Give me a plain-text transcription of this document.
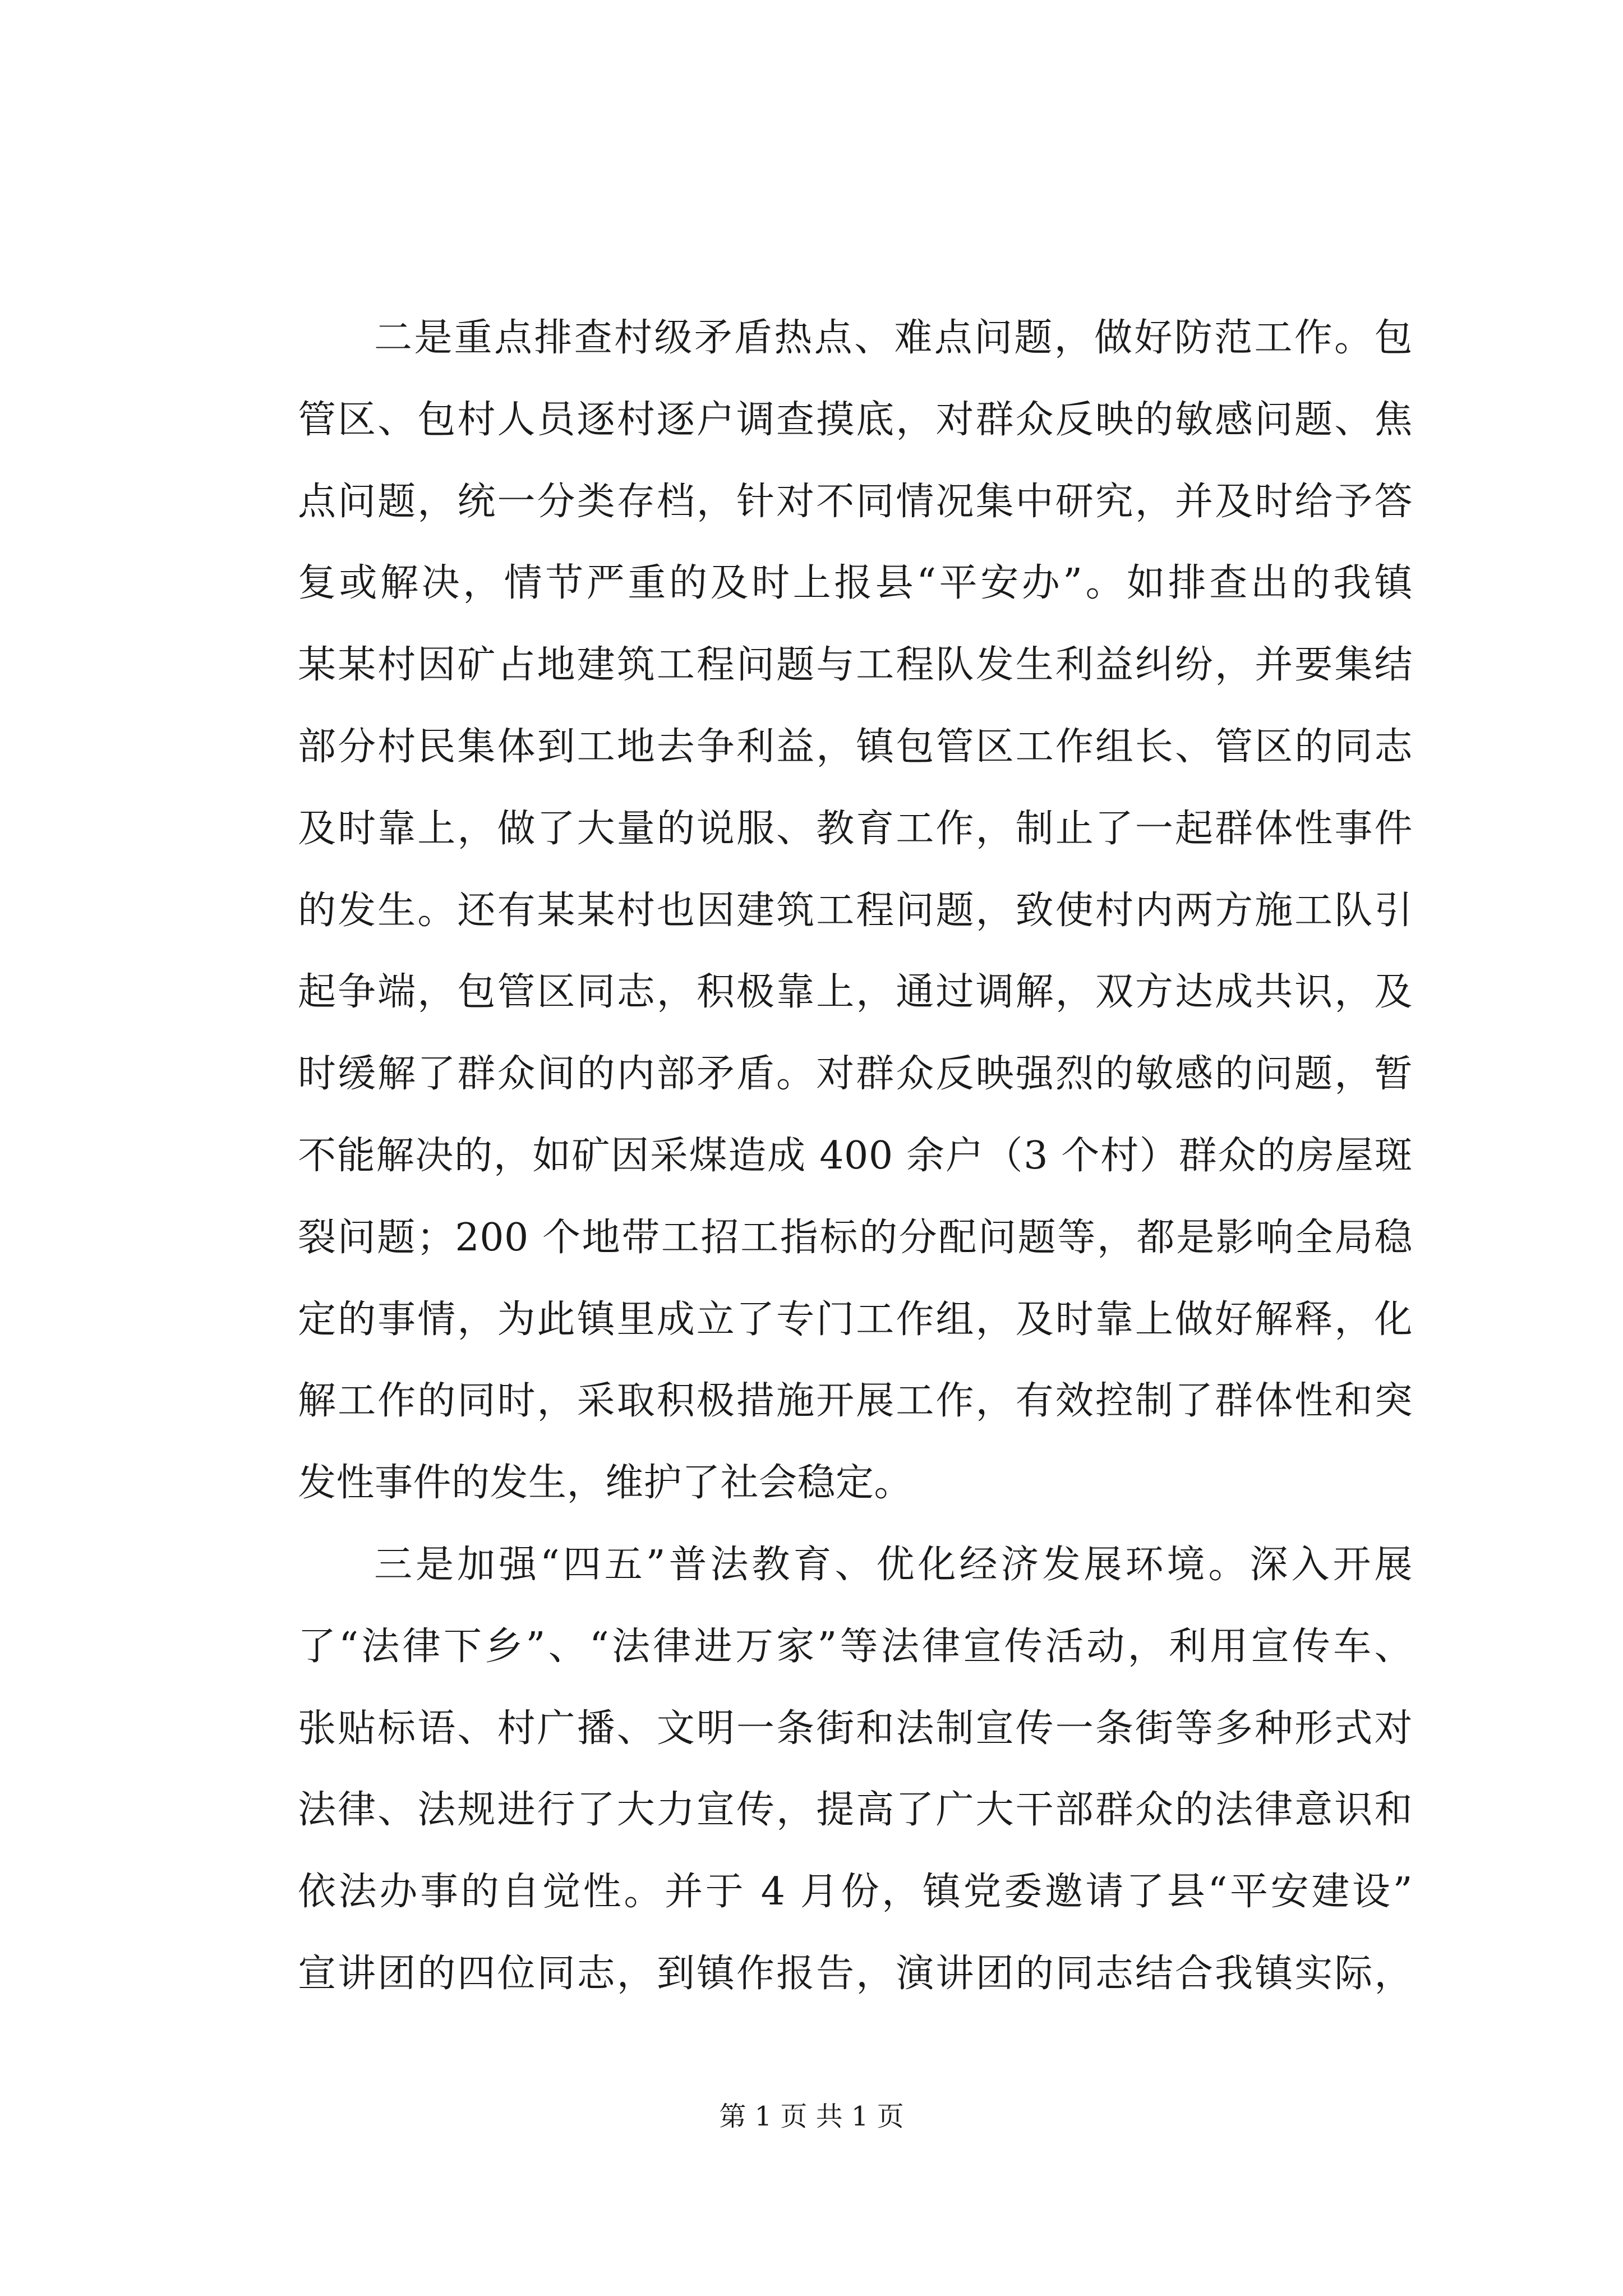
二是重点排查村级矛盾热点、难点问题，做好防范工作。包
管区、包村人员逐村逐户调查摸底，对群众反映的敏感问题、焦
点问题，统一分类存档，针对不同情况集中研究，并及时给予答
复或解决，情节严重的及时上报县“平安办”。如排查出的我镇
某某村因矿占地建筑工程问题与工程队发生利益纠纷，并要集结
部分村民集体到工地去争利益，镇包管区工作组长、管区的同志
及时靠上，做了大量的说服、教育工作，制止了一起群体性事件
的发生。还有某某村也因建筑工程问题，致使村内两方施工队引
起争端，包管区同志，积极靠上，通过调解，双方达成共识，及
时缓解了群众间的内部矛盾。对群众反映强烈的敏感的问题，暂
不能解决的，如矿因采煤造成 400 余户（3 个村）群众的房屋斑
裂问题；200 个地带工招工指标的分配问题等，都是影响全局稳
定的事情，为此镇里成立了专门工作组，及时靠上做好解释，化
解工作的同时，采取积极措施开展工作，有效控制了群体性和突
发性事件的发生，维护了社会稳定。
三是加强“四五”普法教育、优化经济发展环境。深入开展
了“法律下乡”、“法律进万家”等法律宣传活动，利用宣传车、
张贴标语、村广播、文明一条街和法制宣传一条街等多种形式对
法律、法规进行了大力宣传，提高了广大干部群众的法律意识和
依法办事的自觉性。并于 4 月份，镇党委邀请了县“平安建设”
宣讲团的四位同志，到镇作报告，演讲团的同志结合我镇实际，
第 1 页 共 1 页
